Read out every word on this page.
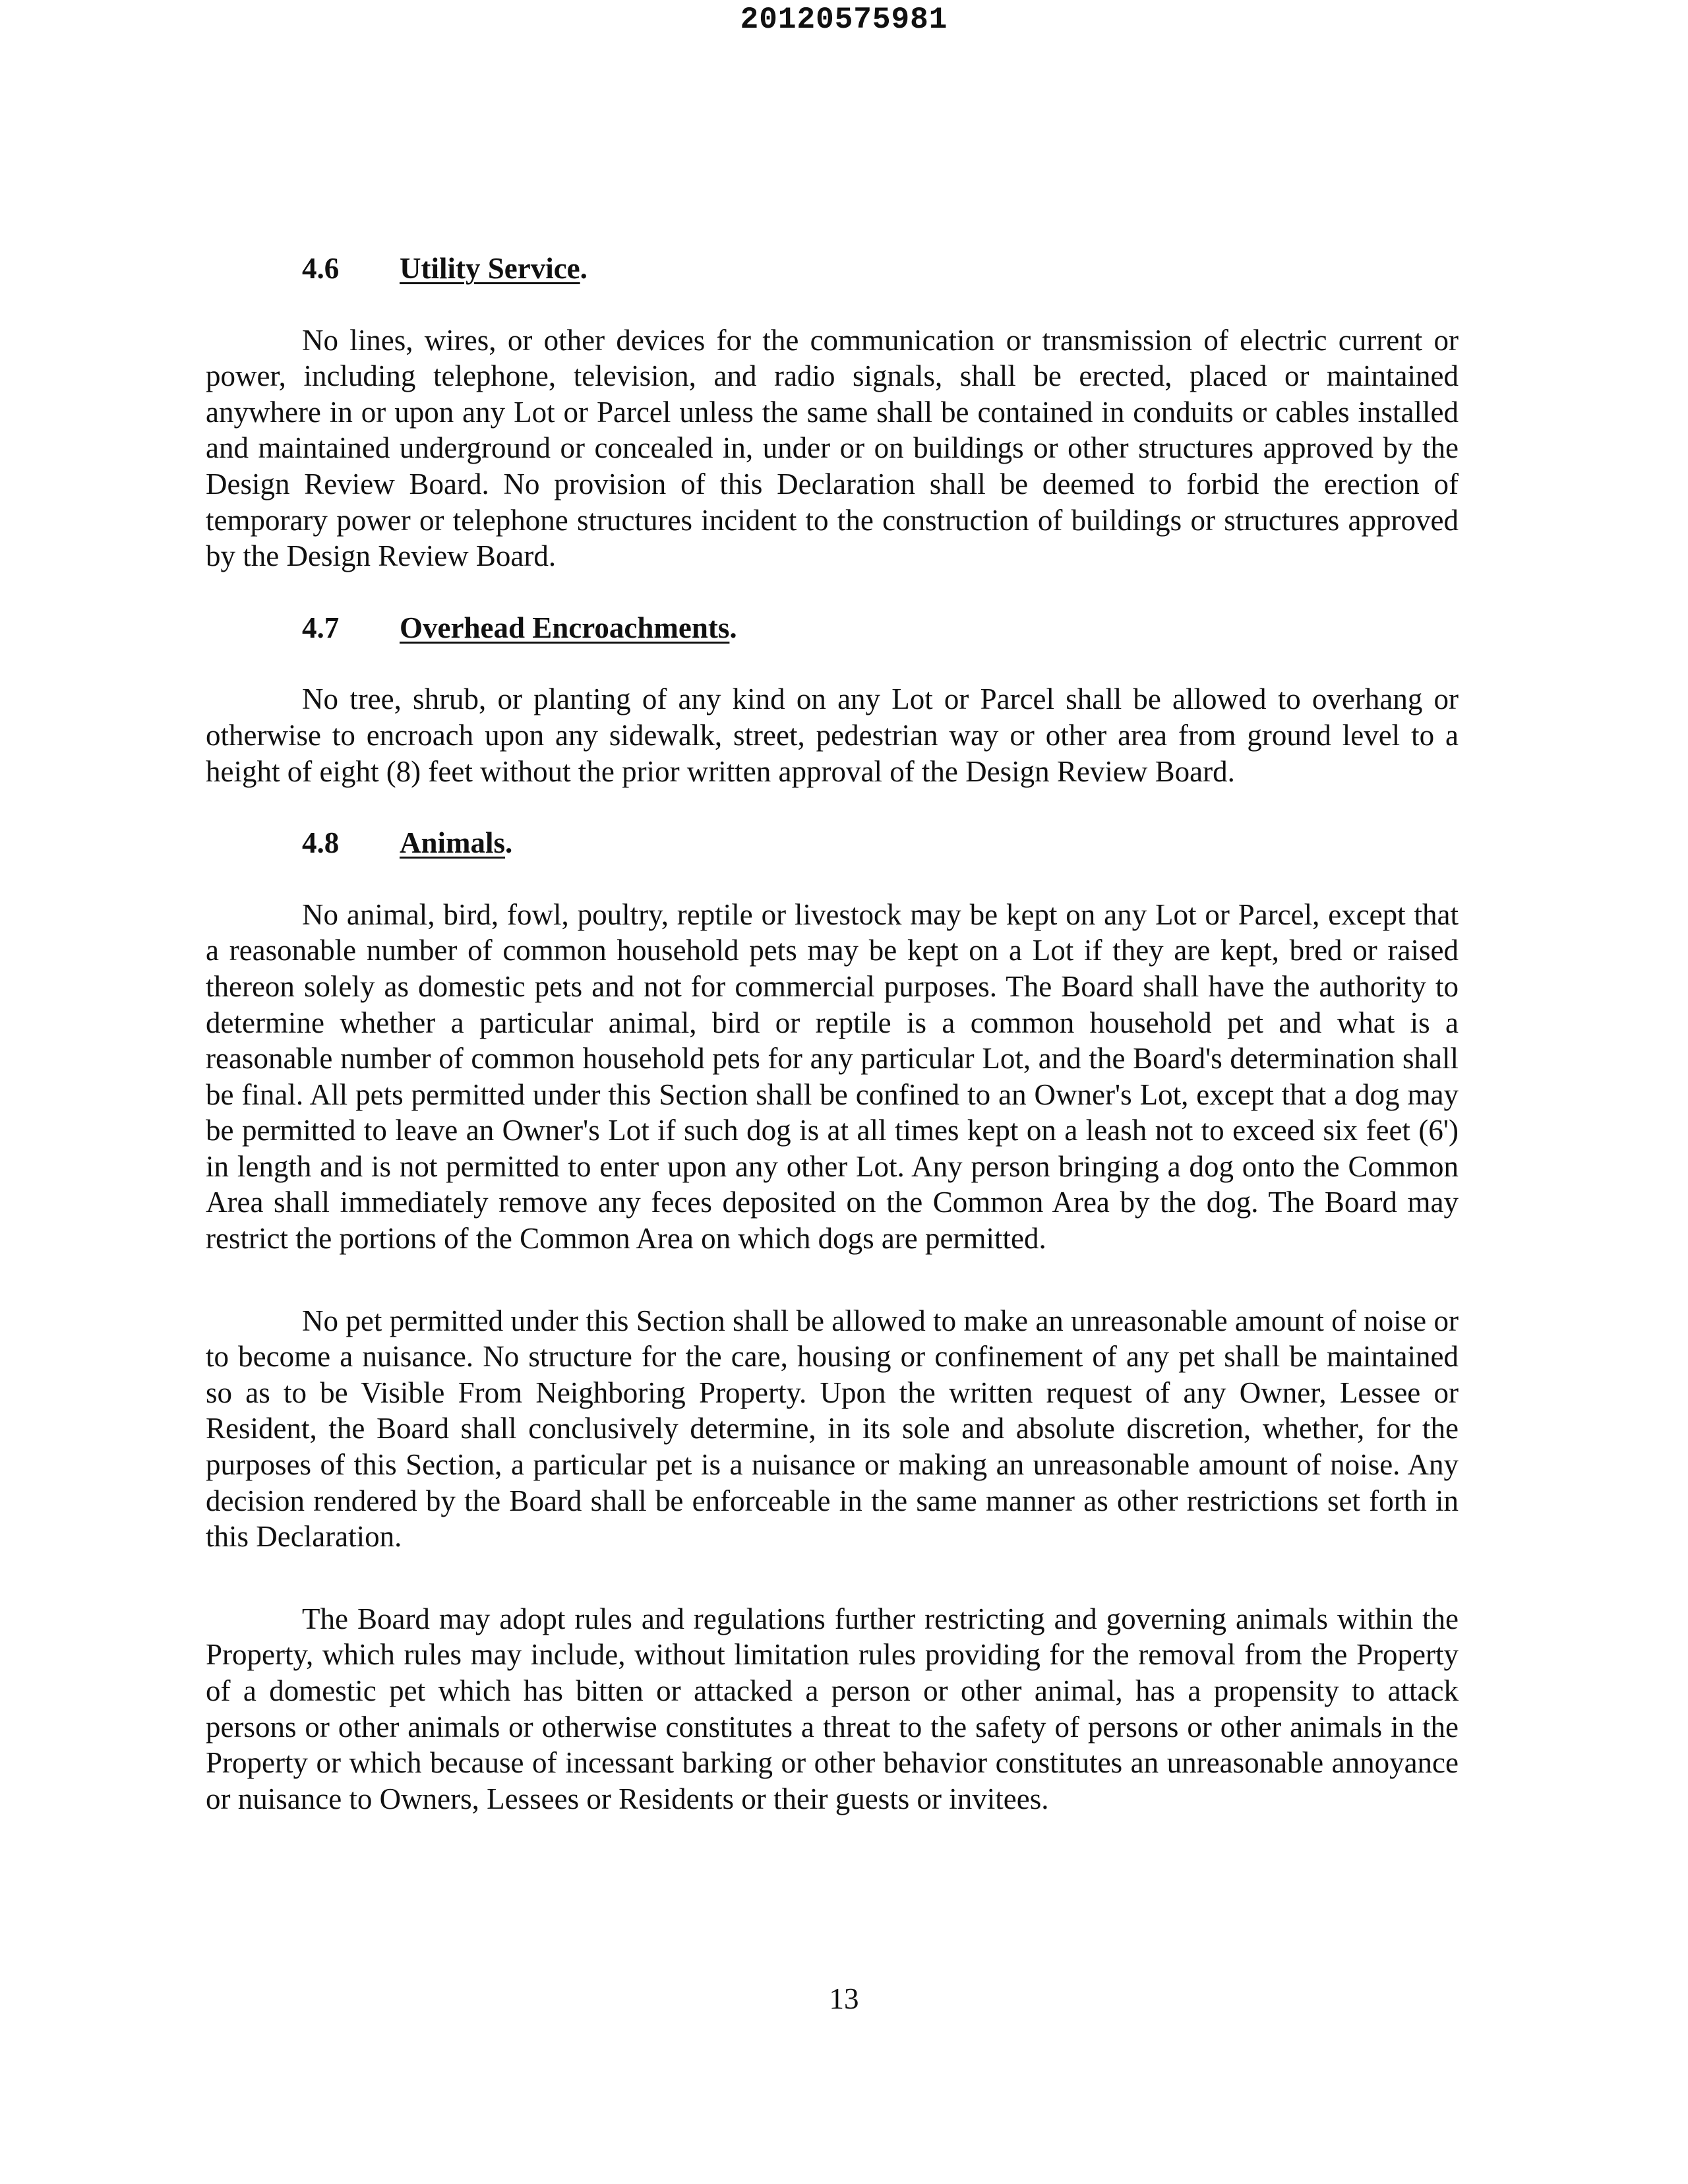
20120575981
4.6 Utility Service.

No lines, wires, or other devices for the communication or transmission of electric current or power, including telephone, television, and radio signals, shall be erected, placed or maintained anywhere in or upon any Lot or Parcel unless the same shall be contained in conduits or cables installed and maintained underground or concealed in, under or on buildings or other structures approved by the Design Review Board. No provision of this Declaration shall be deemed to forbid the erection of temporary power or telephone structures incident to the construction of buildings or structures approved by the Design Review Board.

4.7 Overhead Encroachments.

No tree, shrub, or planting of any kind on any Lot or Parcel shall be allowed to overhang or otherwise to encroach upon any sidewalk, street, pedestrian way or other area from ground level to a height of eight (8) feet without the prior written approval of the Design Review Board.

4.8 Animals.

No animal, bird, fowl, poultry, reptile or livestock may be kept on any Lot or Parcel, except that a reasonable number of common household pets may be kept on a Lot if they are kept, bred or raised thereon solely as domestic pets and not for commercial purposes. The Board shall have the authority to determine whether a particular animal, bird or reptile is a common household pet and what is a reasonable number of common household pets for any particular Lot, and the Board's determination shall be final. All pets permitted under this Section shall be confined to an Owner's Lot, except that a dog may be permitted to leave an Owner's Lot if such dog is at all times kept on a leash not to exceed six feet (6') in length and is not permitted to enter upon any other Lot. Any person bringing a dog onto the Common Area shall immediately remove any feces deposited on the Common Area by the dog. The Board may restrict the portions of the Common Area on which dogs are permitted.

No pet permitted under this Section shall be allowed to make an unreasonable amount of noise or to become a nuisance. No structure for the care, housing or confinement of any pet shall be maintained so as to be Visible From Neighboring Property. Upon the written request of any Owner, Lessee or Resident, the Board shall conclusively determine, in its sole and absolute discretion, whether, for the purposes of this Section, a particular pet is a nuisance or making an unreasonable amount of noise. Any decision rendered by the Board shall be enforceable in the same manner as other restrictions set forth in this Declaration.

The Board may adopt rules and regulations further restricting and governing animals within the Property, which rules may include, without limitation rules providing for the removal from the Property of a domestic pet which has bitten or attacked a person or other animal, has a propensity to attack persons or other animals or otherwise constitutes a threat to the safety of persons or other animals in the Property or which because of incessant barking or other behavior constitutes an unreasonable annoyance or nuisance to Owners, Lessees or Residents or their guests or invitees.

13
